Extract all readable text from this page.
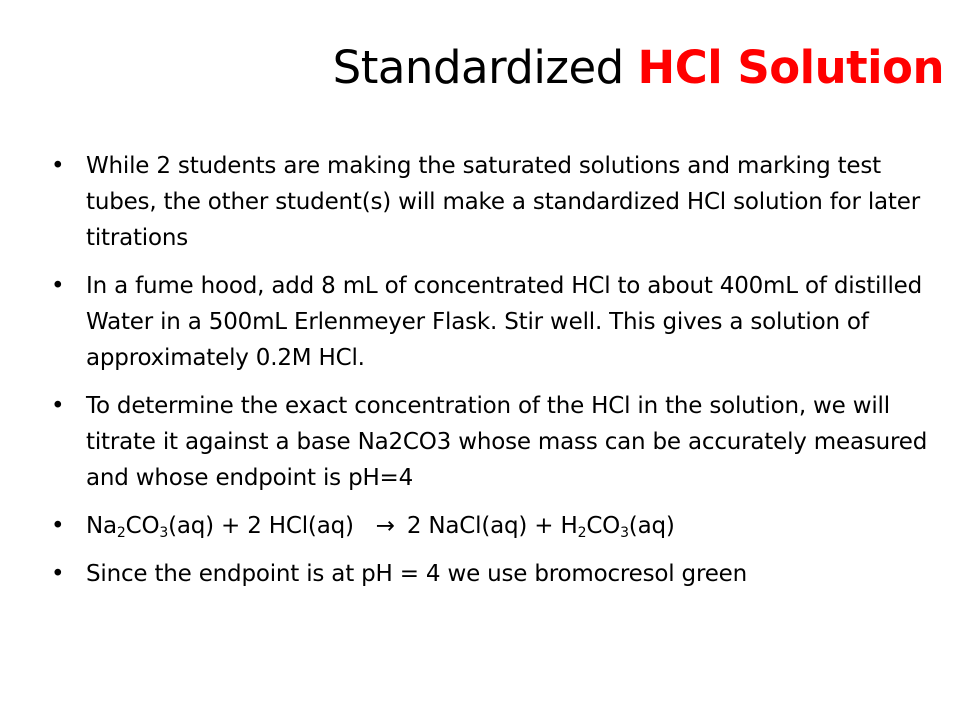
Standardized HCl Solution
• While 2 students are making the saturated solutions and marking test tubes, the other student(s) will make a standardized HCl solution for later titrations
• In a fume hood, add 8 mL of concentrated HCl to about 400mL of distilled Water in a 500mL Erlenmeyer Flask. Stir well. This gives a solution of approximately 0.2M HCl.
• To determine the exact concentration of the HCl in the solution, we will titrate it against a base Na2CO3 whose mass can be accurately measured and whose endpoint is pH=4
• $Na_2CO_3(aq) + 2$ HCl(aq) → 2 NaCl(aq) + $H_2CO_3(aq)$
• Since the endpoint is at pH = 4 we use bromocresol green
